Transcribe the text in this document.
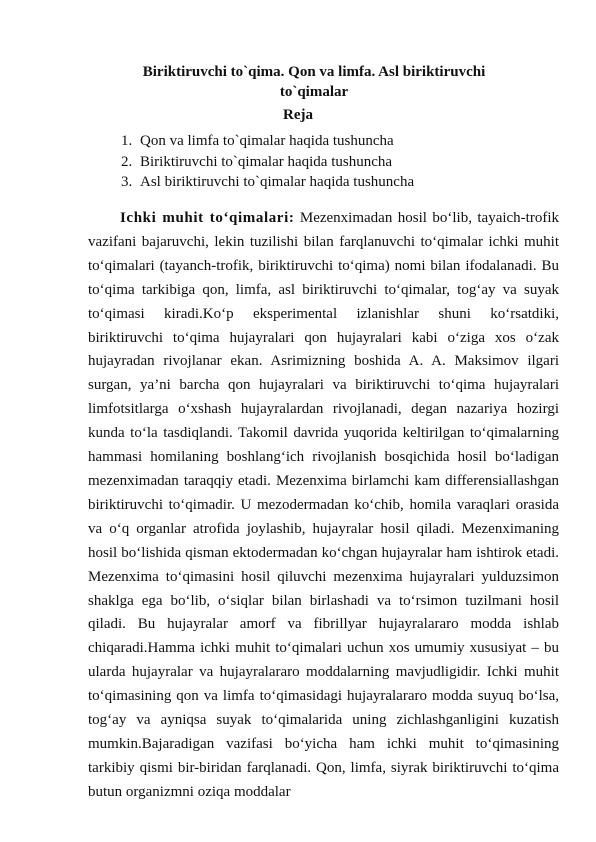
Biriktiruvchi to`qima. Qon va limfa. Asl biriktiruvchi
to`qimalar
Reja
1. Qon va limfa to`qimalar haqida tushuncha
2. Biriktiruvchi to`qimalar haqida tushuncha
3. Asl biriktiruvchi to`qimalar haqida tushuncha

Ichki muhit to‘qimalari: Mezenximadan hosil bo‘lib, tayaich-trofik vazifani bajaruvchi, lekin tuzilishi bilan farqlanuvchi to‘qimalar ichki muhit to‘qimalari (tayanch-trofik, biriktiruvchi to‘qima) nomi bilan ifodalanadi. Bu to‘qima tarkibiga qon, limfa, asl biriktiruvchi to‘qimalar, tog‘ay va suyak to‘qimasi kiradi.Ko‘p eksperimental izlanishlar shuni ko‘rsatdiki, biriktiruvchi to‘qima hujayralari qon hujayralari kabi o‘ziga xos o‘zak hujayradan rivojlanar ekan. Asrimizning boshida A. A. Maksimov ilgari surgan, ya’ni barcha qon hujayralari va biriktiruvchi to‘qima hujayralari limfotsitlarga o‘xshash hujayralardan rivojlanadi, degan nazariya hozirgi kunda to‘la tasdiqlandi. Takomil davrida yuqorida keltirilgan to‘qimalarning hammasi homilaning boshlang‘ich rivojlanish bosqichida hosil bo‘ladigan mezenximadan taraqqiy etadi. Mezenxima birlamchi kam differensiallashgan biriktiruvchi to‘qimadir. U mezodermadan ko‘chib, homila varaqlari orasida va o‘q organlar atrofida joylashib, hujayralar hosil qiladi. Mezenximaning hosil bo‘lishida qisman ektodermadan ko‘chgan hujayralar ham ishtirok etadi. Mezenxima to‘qimasini hosil qiluvchi mezenxima hujayralari yulduzsimon shaklga ega bo‘lib, o‘siqlar bilan birlashadi va to‘rsimon tuzilmani hosil qiladi. Bu hujayralar amorf va fibrillyar hujayralararo modda ishlab chiqaradi.Hamma ichki muhit to‘qimalari uchun xos umumiy xususiyat – bu ularda hujayralar va hujayralararo moddalarning mavjudligidir. Ichki muhit to‘qimasining qon va limfa to‘qimasidagi hujayralararo modda suyuq bo‘lsa, tog‘ay va ayniqsa suyak to‘qimalarida uning zichlashganligini kuzatish mumkin.Bajaradigan vazifasi bo‘yicha ham ichki muhit to‘qimasining tarkibiy qismi bir-biridan farqlanadi. Qon, limfa, siyrak biriktiruvchi to‘qima butun organizmni oziqa moddalar
